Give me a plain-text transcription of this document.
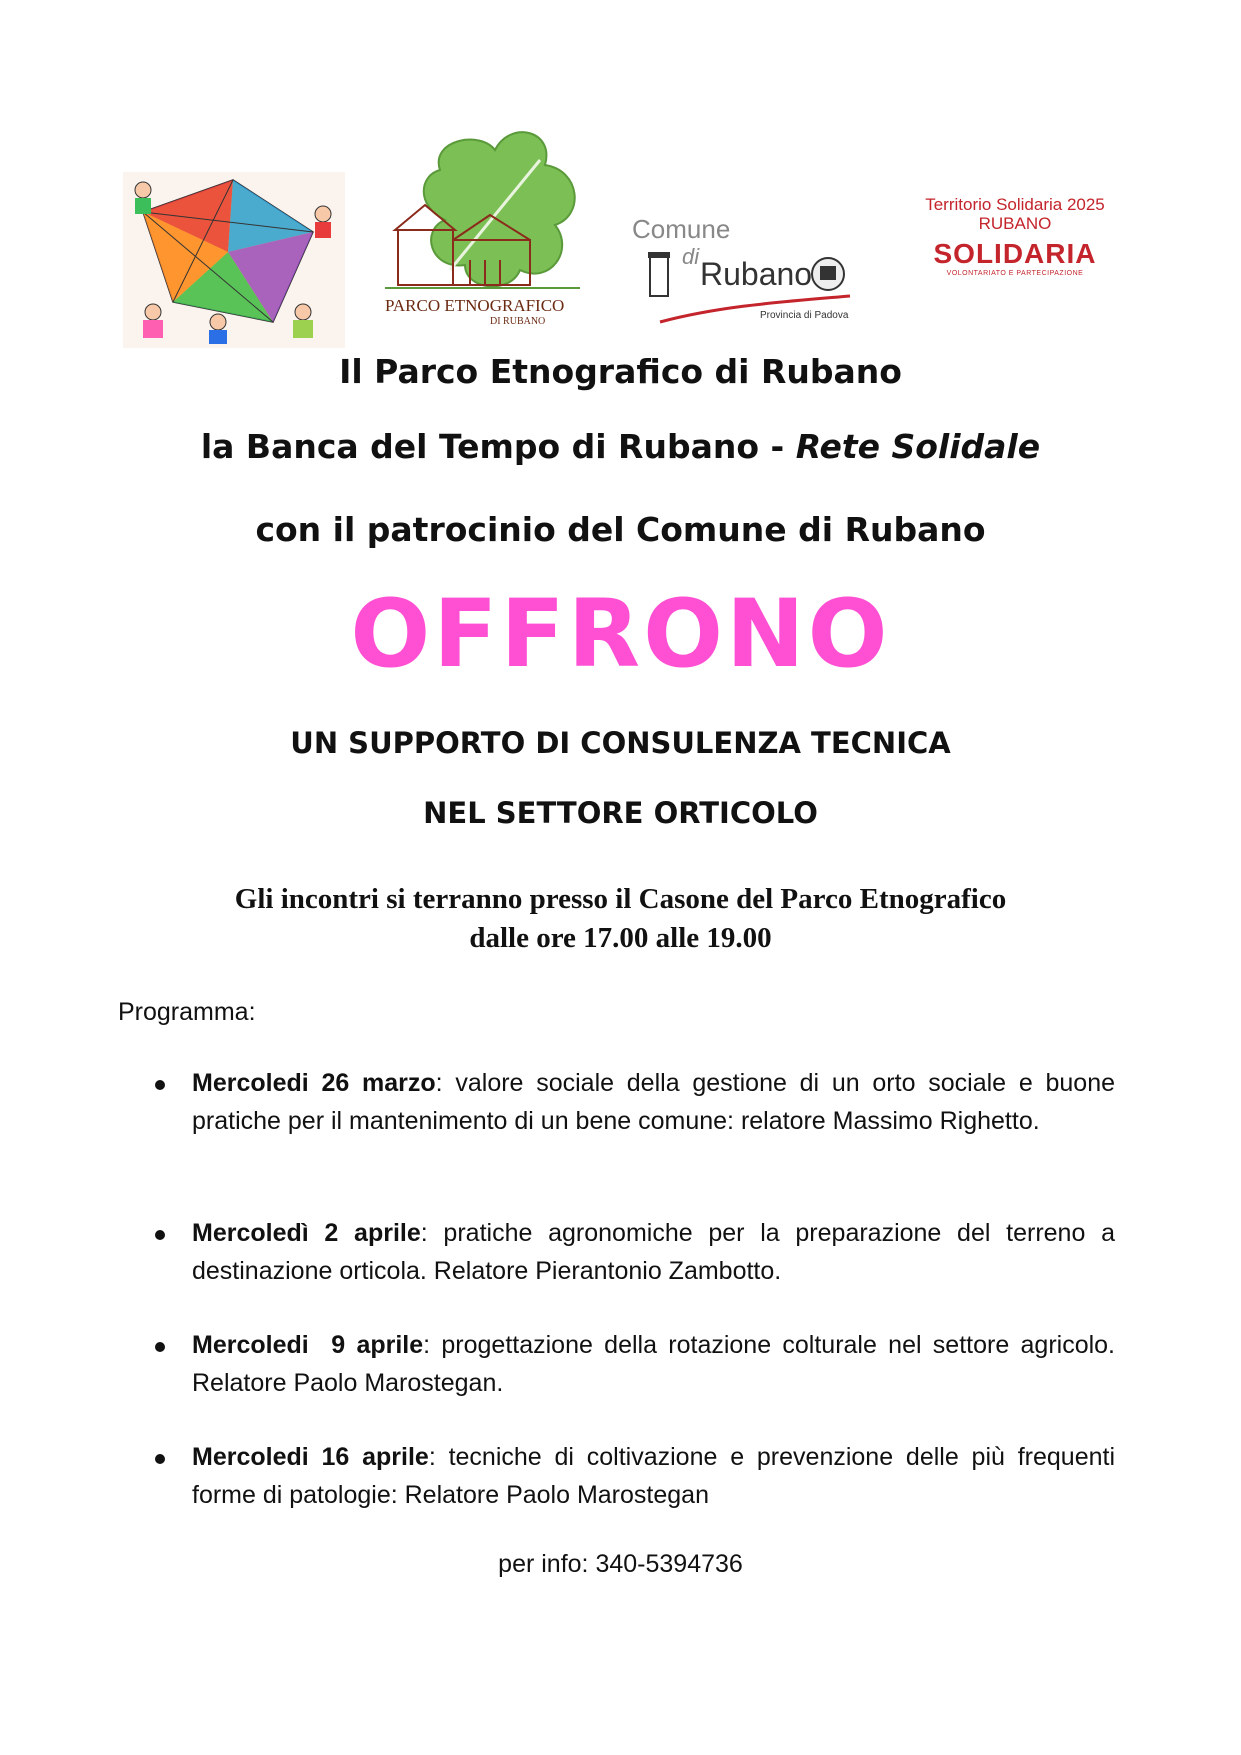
PARCO ETNOGRAFICO
DI RUBANO
Comune
di Rubano
Provincia di Padova
Territorio Solidaria 2025
RUBANO
SOLIDARIA
VOLONTARIATO E PARTECIPAZIONE
Il Parco Etnografico di Rubano
la Banca del Tempo di Rubano - Rete Solidale
con il patrocinio del Comune di Rubano
OFFRONO
UN SUPPORTO DI CONSULENZA TECNICA
NEL SETTORE ORTICOLO
Gli incontri si terranno presso il Casone del Parco Etnografico
dalle ore 17.00 alle 19.00
Programma:
Mercoledi 26 marzo: valore sociale della gestione di un orto sociale e buone pratiche per il mantenimento di un bene comune: relatore Massimo Righetto.
Mercoledì 2 aprile: pratiche agronomiche per la preparazione del terreno a destinazione orticola. Relatore Pierantonio Zambotto.
Mercoledi  9 aprile: progettazione della rotazione colturale nel settore agricolo. Relatore Paolo Marostegan.
Mercoledi 16 aprile: tecniche di coltivazione e prevenzione delle più frequenti forme di patologie: Relatore Paolo Marostegan
per info: 340-5394736
